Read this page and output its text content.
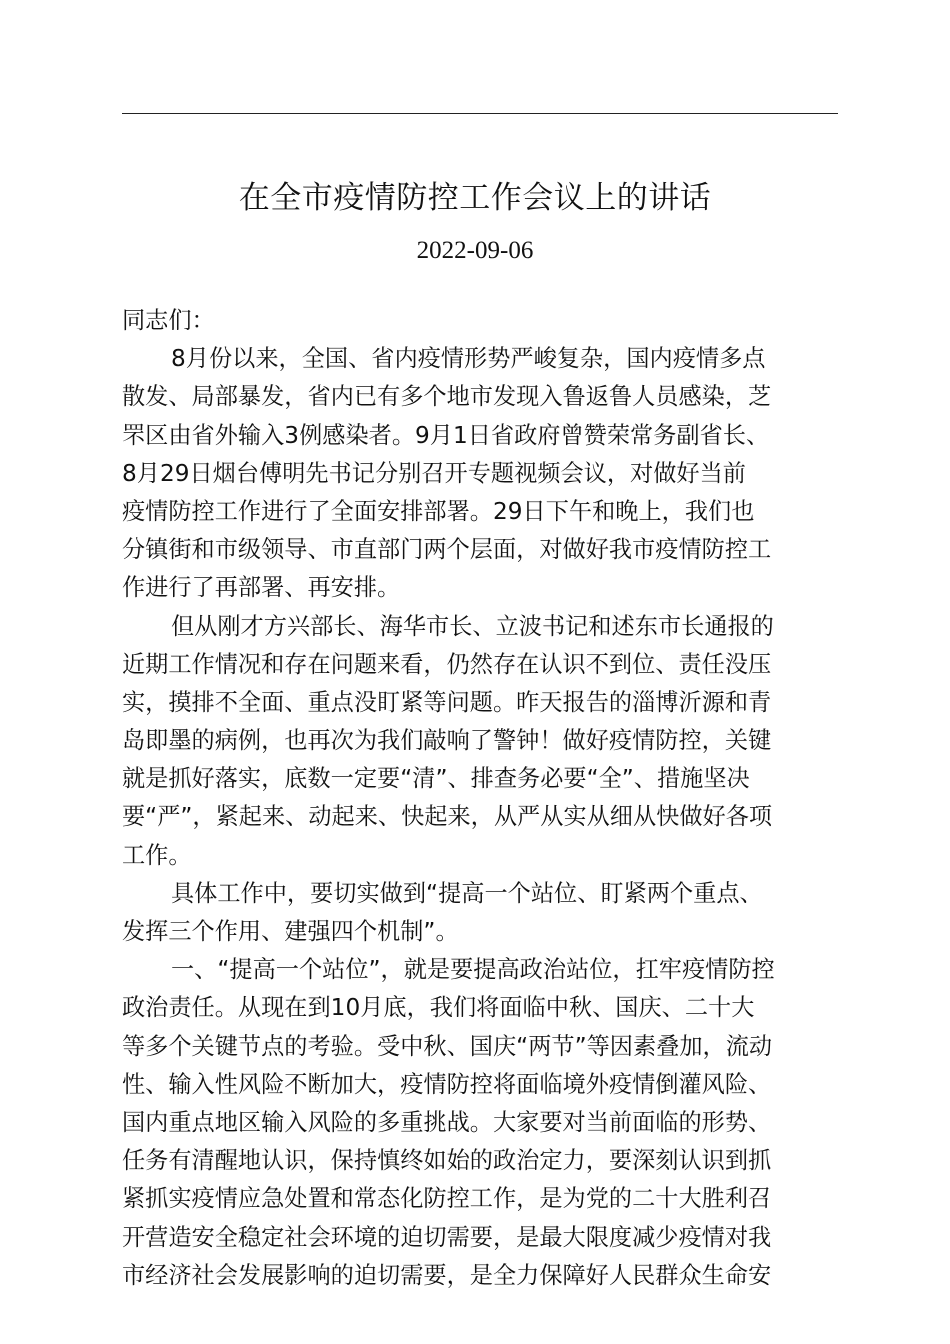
在全市疫情防控工作会议上的讲话
2022-09-06
同志们：
8月份以来，全国、省内疫情形势严峻复杂，国内疫情多点
散发、局部暴发，省内已有多个地市发现入鲁返鲁人员感染，芝
罘区由省外输入3例感染者。9月1日省政府曾赞荣常务副省长、
8月29日烟台傅明先书记分别召开专题视频会议，对做好当前
疫情防控工作进行了全面安排部署。29日下午和晚上，我们也
分镇街和市级领导、市直部门两个层面，对做好我市疫情防控工
作进行了再部署、再安排。
但从刚才方兴部长、海华市长、立波书记和述东市长通报的
近期工作情况和存在问题来看，仍然存在认识不到位、责任没压
实，摸排不全面、重点没盯紧等问题。昨天报告的淄博沂源和青
岛即墨的病例，也再次为我们敲响了警钟！做好疫情防控，关键
就是抓好落实，底数一定要“清”、排查务必要“全”、措施坚决
要“严”，紧起来、动起来、快起来，从严从实从细从快做好各项
工作。
具体工作中，要切实做到“提高一个站位、盯紧两个重点、
发挥三个作用、建强四个机制”。
一、“提高一个站位”，就是要提高政治站位，扛牢疫情防控
政治责任。从现在到10月底，我们将面临中秋、国庆、二十大
等多个关键节点的考验。受中秋、国庆“两节”等因素叠加，流动
性、输入性风险不断加大，疫情防控将面临境外疫情倒灌风险、
国内重点地区输入风险的多重挑战。大家要对当前面临的形势、
任务有清醒地认识，保持慎终如始的政治定力，要深刻认识到抓
紧抓实疫情应急处置和常态化防控工作，是为党的二十大胜利召
开营造安全稳定社会环境的迫切需要，是最大限度减少疫情对我
市经济社会发展影响的迫切需要，是全力保障好人民群众生命安
